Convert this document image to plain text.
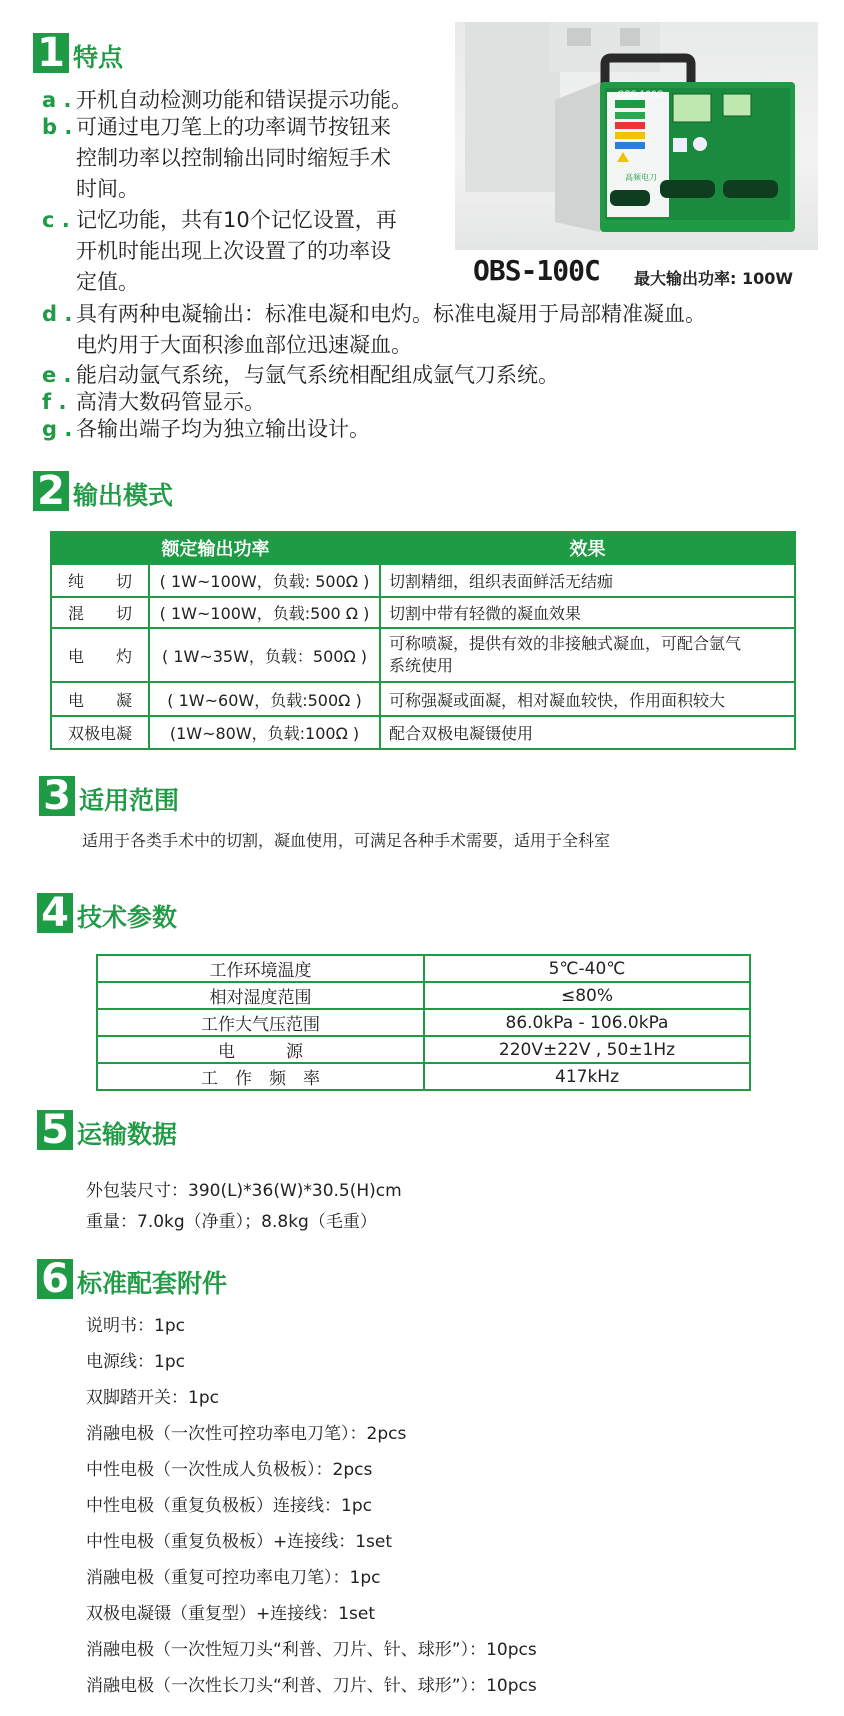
1 特点
a . 开机自动检测功能和错误提示功能。
b . 可通过电刀笔上的功率调节按钮来
控制功率以控制输出同时缩短手术
时间。
c . 记忆功能，共有10个记忆设置，再
开机时能出现上次设置了的功率设
定值。
d . 具有两种电凝输出：标准电凝和电灼。标准电凝用于局部精准凝血。
电灼用于大面积渗血部位迅速凝血。
e . 能启动氩气系统，与氩气系统相配组成氩气刀系统。
f . 高清大数码管显示。
g . 各输出端子均为独立输出设计。
高频电刀
OBS-100C
OBS-100C 最大输出功率: 100W
2 输出模式
额定输出功率		效果
纯　　切	( 1W~100W，负载: 500Ω )	切割精细，组织表面鲜活无结痂
混　　切	( 1W~100W，负载:500 Ω )	切割中带有轻微的凝血效果
电　　灼	( 1W~35W，负载：500Ω )	可称喷凝，提供有效的非接触式凝血，可配合氩气
系统使用

电　　凝	( 1W~60W，负载:500Ω )	可称强凝或面凝，相对凝血较快，作用面积较大
双极电凝	(1W~80W，负载:100Ω )	配合双极电凝镊使用
3 适用范围
适用于各类手术中的切割，凝血使用，可满足各种手术需要，适用于全科室
4 技术参数
工作环境温度	5℃-40℃
相对湿度范围	≤80%
工作大气压范围	86.0kPa - 106.0kPa
电　　　源	220V±22V , 50±1Hz
工　作　频　率	417kHz
5 运输数据
外包装尺寸：390(L)*36(W)*30.5(H)cm
重量：7.0kg（净重）；8.8kg（毛重）
6 标准配套附件
说明书：1pc
电源线：1pc
双脚踏开关：1pc
消融电极（一次性可控功率电刀笔）：2pcs
中性电极（一次性成人负极板）：2pcs
中性电极（重复负极板）连接线：1pc
中性电极（重复负极板）+连接线：1set
消融电极（重复可控功率电刀笔）：1pc
双极电凝镊（重复型）+连接线：1set
消融电极（一次性短刀头“利普、刀片、针、球形”）：10pcs
消融电极（一次性长刀头“利普、刀片、针、球形”）：10pcs
